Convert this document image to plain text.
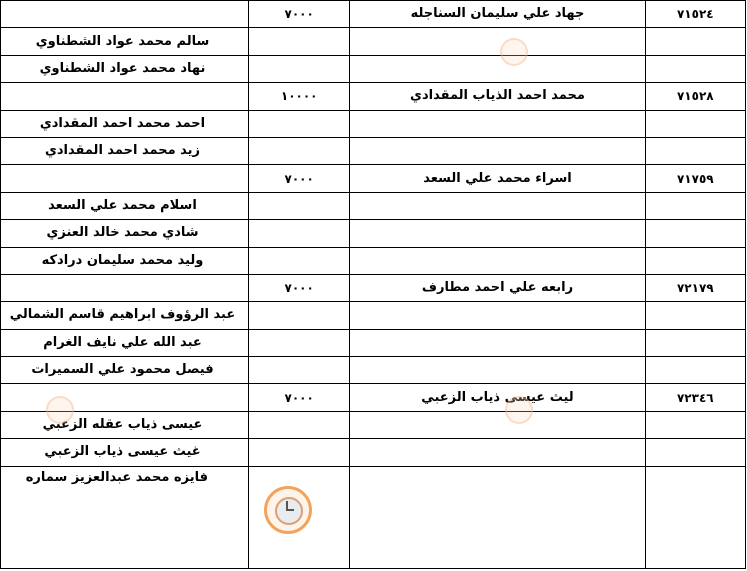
	٧٠٠٠	جهاد علي سليمان السناجله	٧١٥٢٤
سالم محمد عواد الشطناوي			
نهاد محمد عواد الشطناوي			
	١٠٠٠٠	محمد احمد الذياب المقدادي	٧١٥٢٨
احمد محمد احمد المقدادي			
زيد محمد احمد المقدادي			
	٧٠٠٠	اسراء محمد علي السعد	٧١٧٥٩
اسلام محمد علي السعد			
شادي محمد خالد العنزي			
وليد محمد سليمان درادكه			
	٧٠٠٠	رابعه علي احمد مطارف	٧٢١٧٩
عبد الرؤوف ابراهيم قاسم الشمالي			
عبد الله علي نايف الغرام			
فيصل محمود علي السميرات			
	٧٠٠٠	ليث عيسى ذياب الزعبي	٧٢٣٤٦
عيسى ذياب عقله الزعبي			
غيث عيسى ذياب الزعبي			
فايزه محمد عبدالعزيز سماره			
